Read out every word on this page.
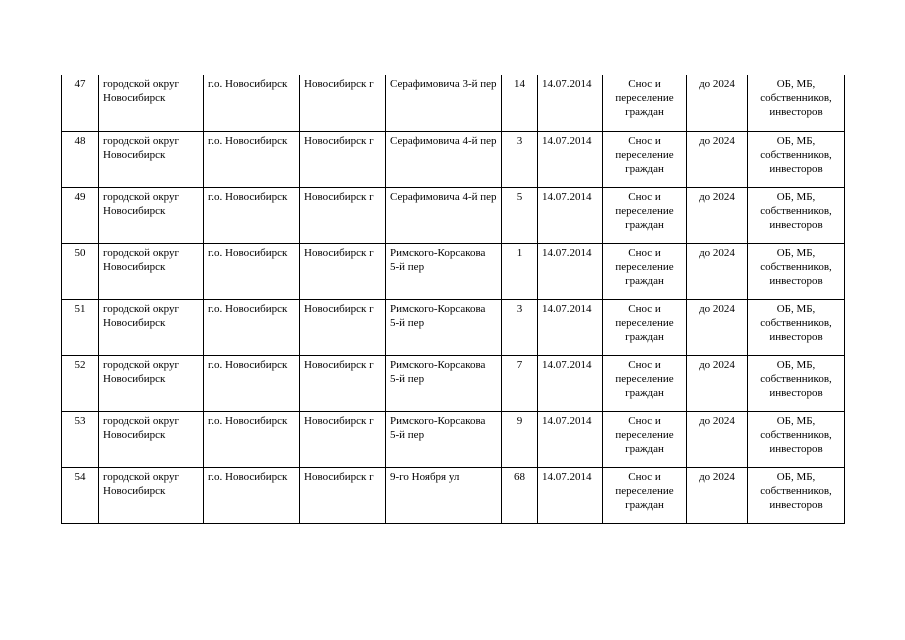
47	городской округ Новосибирск	г.о. Новосибирск	Новосибирск г	Серафимовича 3-й пер	14	14.07.2014	Снос и переселение граждан	до 2024	ОБ, МБ, собственников, инвесторов
48	городской округ Новосибирск	г.о. Новосибирск	Новосибирск г	Серафимовича 4-й пер	3	14.07.2014	Снос и переселение граждан	до 2024	ОБ, МБ, собственников, инвесторов
49	городской округ Новосибирск	г.о. Новосибирск	Новосибирск г	Серафимовича 4-й пер	5	14.07.2014	Снос и переселение граждан	до 2024	ОБ, МБ, собственников, инвесторов
50	городской округ Новосибирск	г.о. Новосибирск	Новосибирск г	Римского-Корсакова 5-й пер	1	14.07.2014	Снос и переселение граждан	до 2024	ОБ, МБ, собственников, инвесторов
51	городской округ Новосибирск	г.о. Новосибирск	Новосибирск г	Римского-Корсакова 5-й пер	3	14.07.2014	Снос и переселение граждан	до 2024	ОБ, МБ, собственников, инвесторов
52	городской округ Новосибирск	г.о. Новосибирск	Новосибирск г	Римского-Корсакова 5-й пер	7	14.07.2014	Снос и переселение граждан	до 2024	ОБ, МБ, собственников, инвесторов
53	городской округ Новосибирск	г.о. Новосибирск	Новосибирск г	Римского-Корсакова 5-й пер	9	14.07.2014	Снос и переселение граждан	до 2024	ОБ, МБ, собственников, инвесторов
54	городской округ Новосибирск	г.о. Новосибирск	Новосибирск г	9-го Ноября ул	68	14.07.2014	Снос и переселение граждан	до 2024	ОБ, МБ, собственников, инвесторов
